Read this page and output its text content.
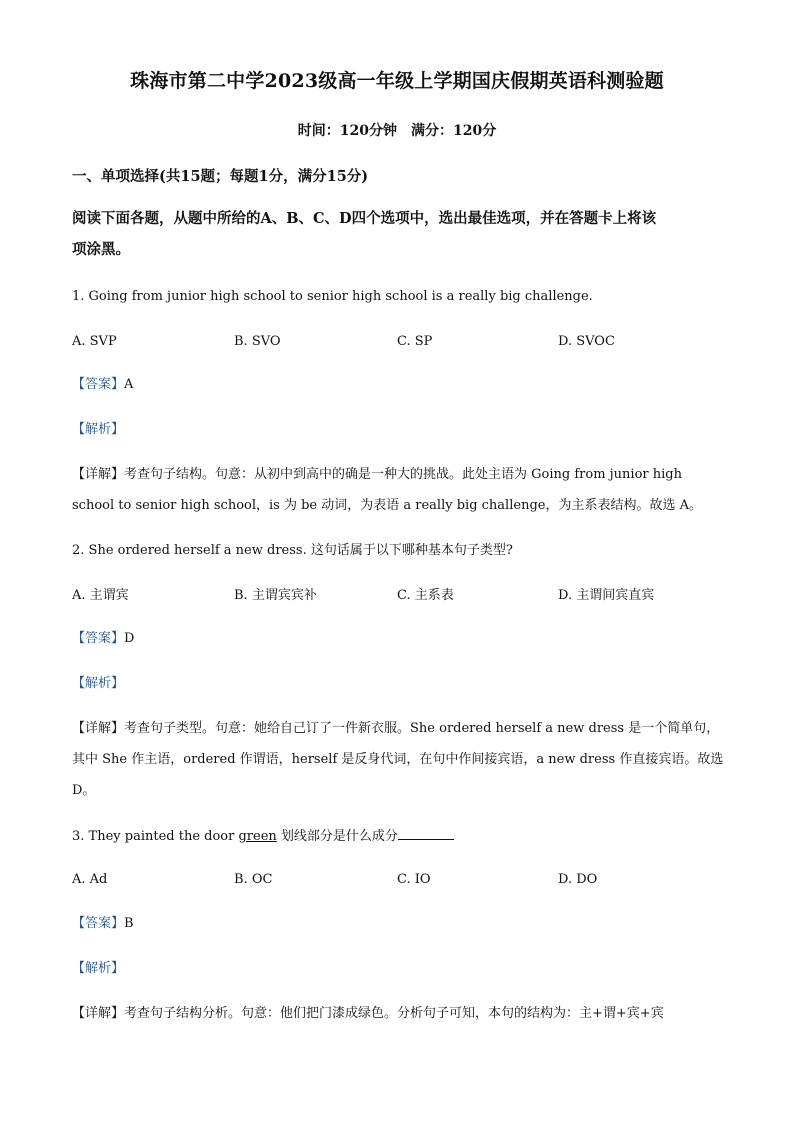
珠海市第二中学2023级高一年级上学期国庆假期英语科测验题
时间：120分钟　满分：120分
一、单项选择(共15题；每题1分，满分15分)
阅读下面各题，从题中所给的A、B、C、D四个选项中，选出最佳选项，并在答题卡上将该
项涂黑。
1. Going from junior high school to senior high school is a really big challenge.
A. SVP	B. SVO	C. SP	D. SVOC
【答案】A
【解析】
【详解】考查句子结构。句意：从初中到高中的确是一种大的挑战。此处主语为 Going from junior high
school to senior high school，is 为 be 动词，为表语 a really big challenge，为主系表结构。故选 A。
2. She ordered herself a new dress. 这句话属于以下哪种基本句子类型?
A. 主谓宾	B. 主谓宾宾补	C. 主系表	D. 主谓间宾直宾
【答案】D
【解析】
【详解】考查句子类型。句意：她给自己订了一件新衣服。She ordered herself a new dress 是一个简单句，
其中 She 作主语，ordered 作谓语，herself 是反身代词，在句中作间接宾语，a new dress 作直接宾语。故选
D。
3. They painted the door green 划线部分是什么成分
A. Ad	B. OC	C. IO	D. DO
【答案】B
【解析】
【详解】考查句子结构分析。句意：他们把门漆成绿色。分析句子可知，本句的结构为：主+谓+宾+宾
